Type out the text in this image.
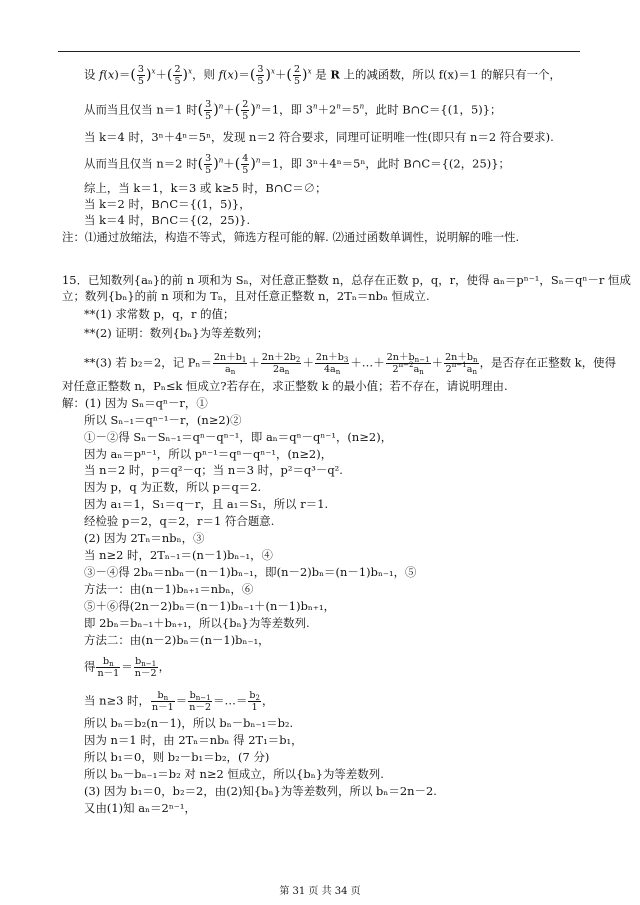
设 $f(x)=( \frac{3}{5} )^x+( \frac{2}{5} )^x$，则 $f(x)=( \frac{3}{5} )^x+( \frac{2}{5} )^x$ 是 R 上的减函数，所以 f(x)＝1 的解只有一个，
从而当且仅当 n＝1 时( $\frac{3}{5} )^n+( \frac{2}{5} )^n=1$，即 $3^n+2^n=5^n$，此时 B∩C＝{(1，5)}；
当 k＝4 时，3ⁿ＋4ⁿ＝5ⁿ，发现 n＝2 符合要求，同理可证明唯一性(即只有 n＝2 符合要求).
从而当且仅当 n＝2 时( $\frac{3}{5} )^n+( \frac{4}{5} )^n=1$，即 3ⁿ＋4ⁿ＝5ⁿ，此时 B∩C＝{(2，25)}；
综上，当 k＝1，k＝3 或 k≥5 时，B∩C＝∅；
当 k＝2 时，B∩C＝{(1，5)}，
当 k＝4 时，B∩C＝{(2，25)}.
注：⑴通过放缩法，构造不等式，筛选方程可能的解. ⑵通过函数单调性，说明解的唯一性.
15．已知数列{aₙ}的前 n 项和为 Sₙ，对任意正整数 n，总存在正数 p，q，r，使得 aₙ＝pⁿ⁻¹，Sₙ＝qⁿ－r 恒成
立；数列{bₙ}的前 n 项和为 Tₙ，且对任意正整数 n，2Tₙ＝nbₙ 恒成立.
**(1) 求常数 p，q，r 的值；
**(2) 证明：数列{bₙ}为等差数列；
**(3) 若 b₂＝2，记 $P_n= \frac{2n+b_1}{a_n} + \frac{2n+2b_2}{2a_n} + \frac{2n+b_3}{4a_n}$ ＋…＋ $\frac{2n+b_{n-1}}{2^{n-2}a_n} + \frac{2n+b_n}{2^{n-1}a_n}$ ，是否存在正整数 k，使得
对任意正整数 n，Pₙ≤k 恒成立?若存在，求正整数 k 的最小值；若不存在，请说明理由.
解：(1) 因为 Sₙ＝qⁿ－r，①
所以 Sₙ₋₁＝qⁿ⁻¹－r，(n≥2)②
①－②得 Sₙ－Sₙ₋₁＝qⁿ－qⁿ⁻¹，即 aₙ＝qⁿ－qⁿ⁻¹，(n≥2)，
因为 aₙ＝pⁿ⁻¹，所以 pⁿ⁻¹＝qⁿ－qⁿ⁻¹，(n≥2)，
当 n＝2 时，p＝q²－q；当 n＝3 时，p²＝q³－q².
因为 p，q 为正数，所以 p＝q＝2.
因为 a₁＝1，S₁＝q－r，且 a₁＝S₁，所以 r＝1.
经检验 p＝2，q＝2，r＝1 符合题意.
(2) 因为 2Tₙ＝nbₙ，③
当 n≥2 时，2Tₙ₋₁＝(n－1)bₙ₋₁，④
③－④得 2bₙ＝nbₙ－(n－1)bₙ₋₁，即(n－2)bₙ＝(n－1)bₙ₋₁，⑤
方法一：由(n－1)bₙ₊₁＝nbₙ，⑥
⑤＋⑥得(2n－2)bₙ＝(n－1)bₙ₋₁＋(n－1)bₙ₊₁，
即 2bₙ＝bₙ₋₁＋bₙ₊₁，所以{bₙ}为等差数列.
方法二：由(n－2)bₙ＝(n－1)bₙ₋₁，
得 $\frac{b_n}{n-1} = \frac{b_{n-1}}{n-2}$ ，
当 n≥3 时， $\frac{b_n}{n-1} = \frac{b_{n-1}}{n-2}$ ＝…＝ $\frac{b_2}{1}$ ，
所以 bₙ＝b₂(n－1)，所以 bₙ－bₙ₋₁＝b₂.
因为 n＝1 时，由 2Tₙ＝nbₙ 得 2T₁＝b₁，
所以 b₁＝0，则 b₂－b₁＝b₂，(7 分)
所以 bₙ－bₙ₋₁＝b₂ 对 n≥2 恒成立，所以{bₙ}为等差数列.
(3) 因为 b₁＝0，b₂＝2，由(2)知{bₙ}为等差数列，所以 bₙ＝2n－2.
又由(1)知 aₙ＝2ⁿ⁻¹，
第 31 页 共 34 页
